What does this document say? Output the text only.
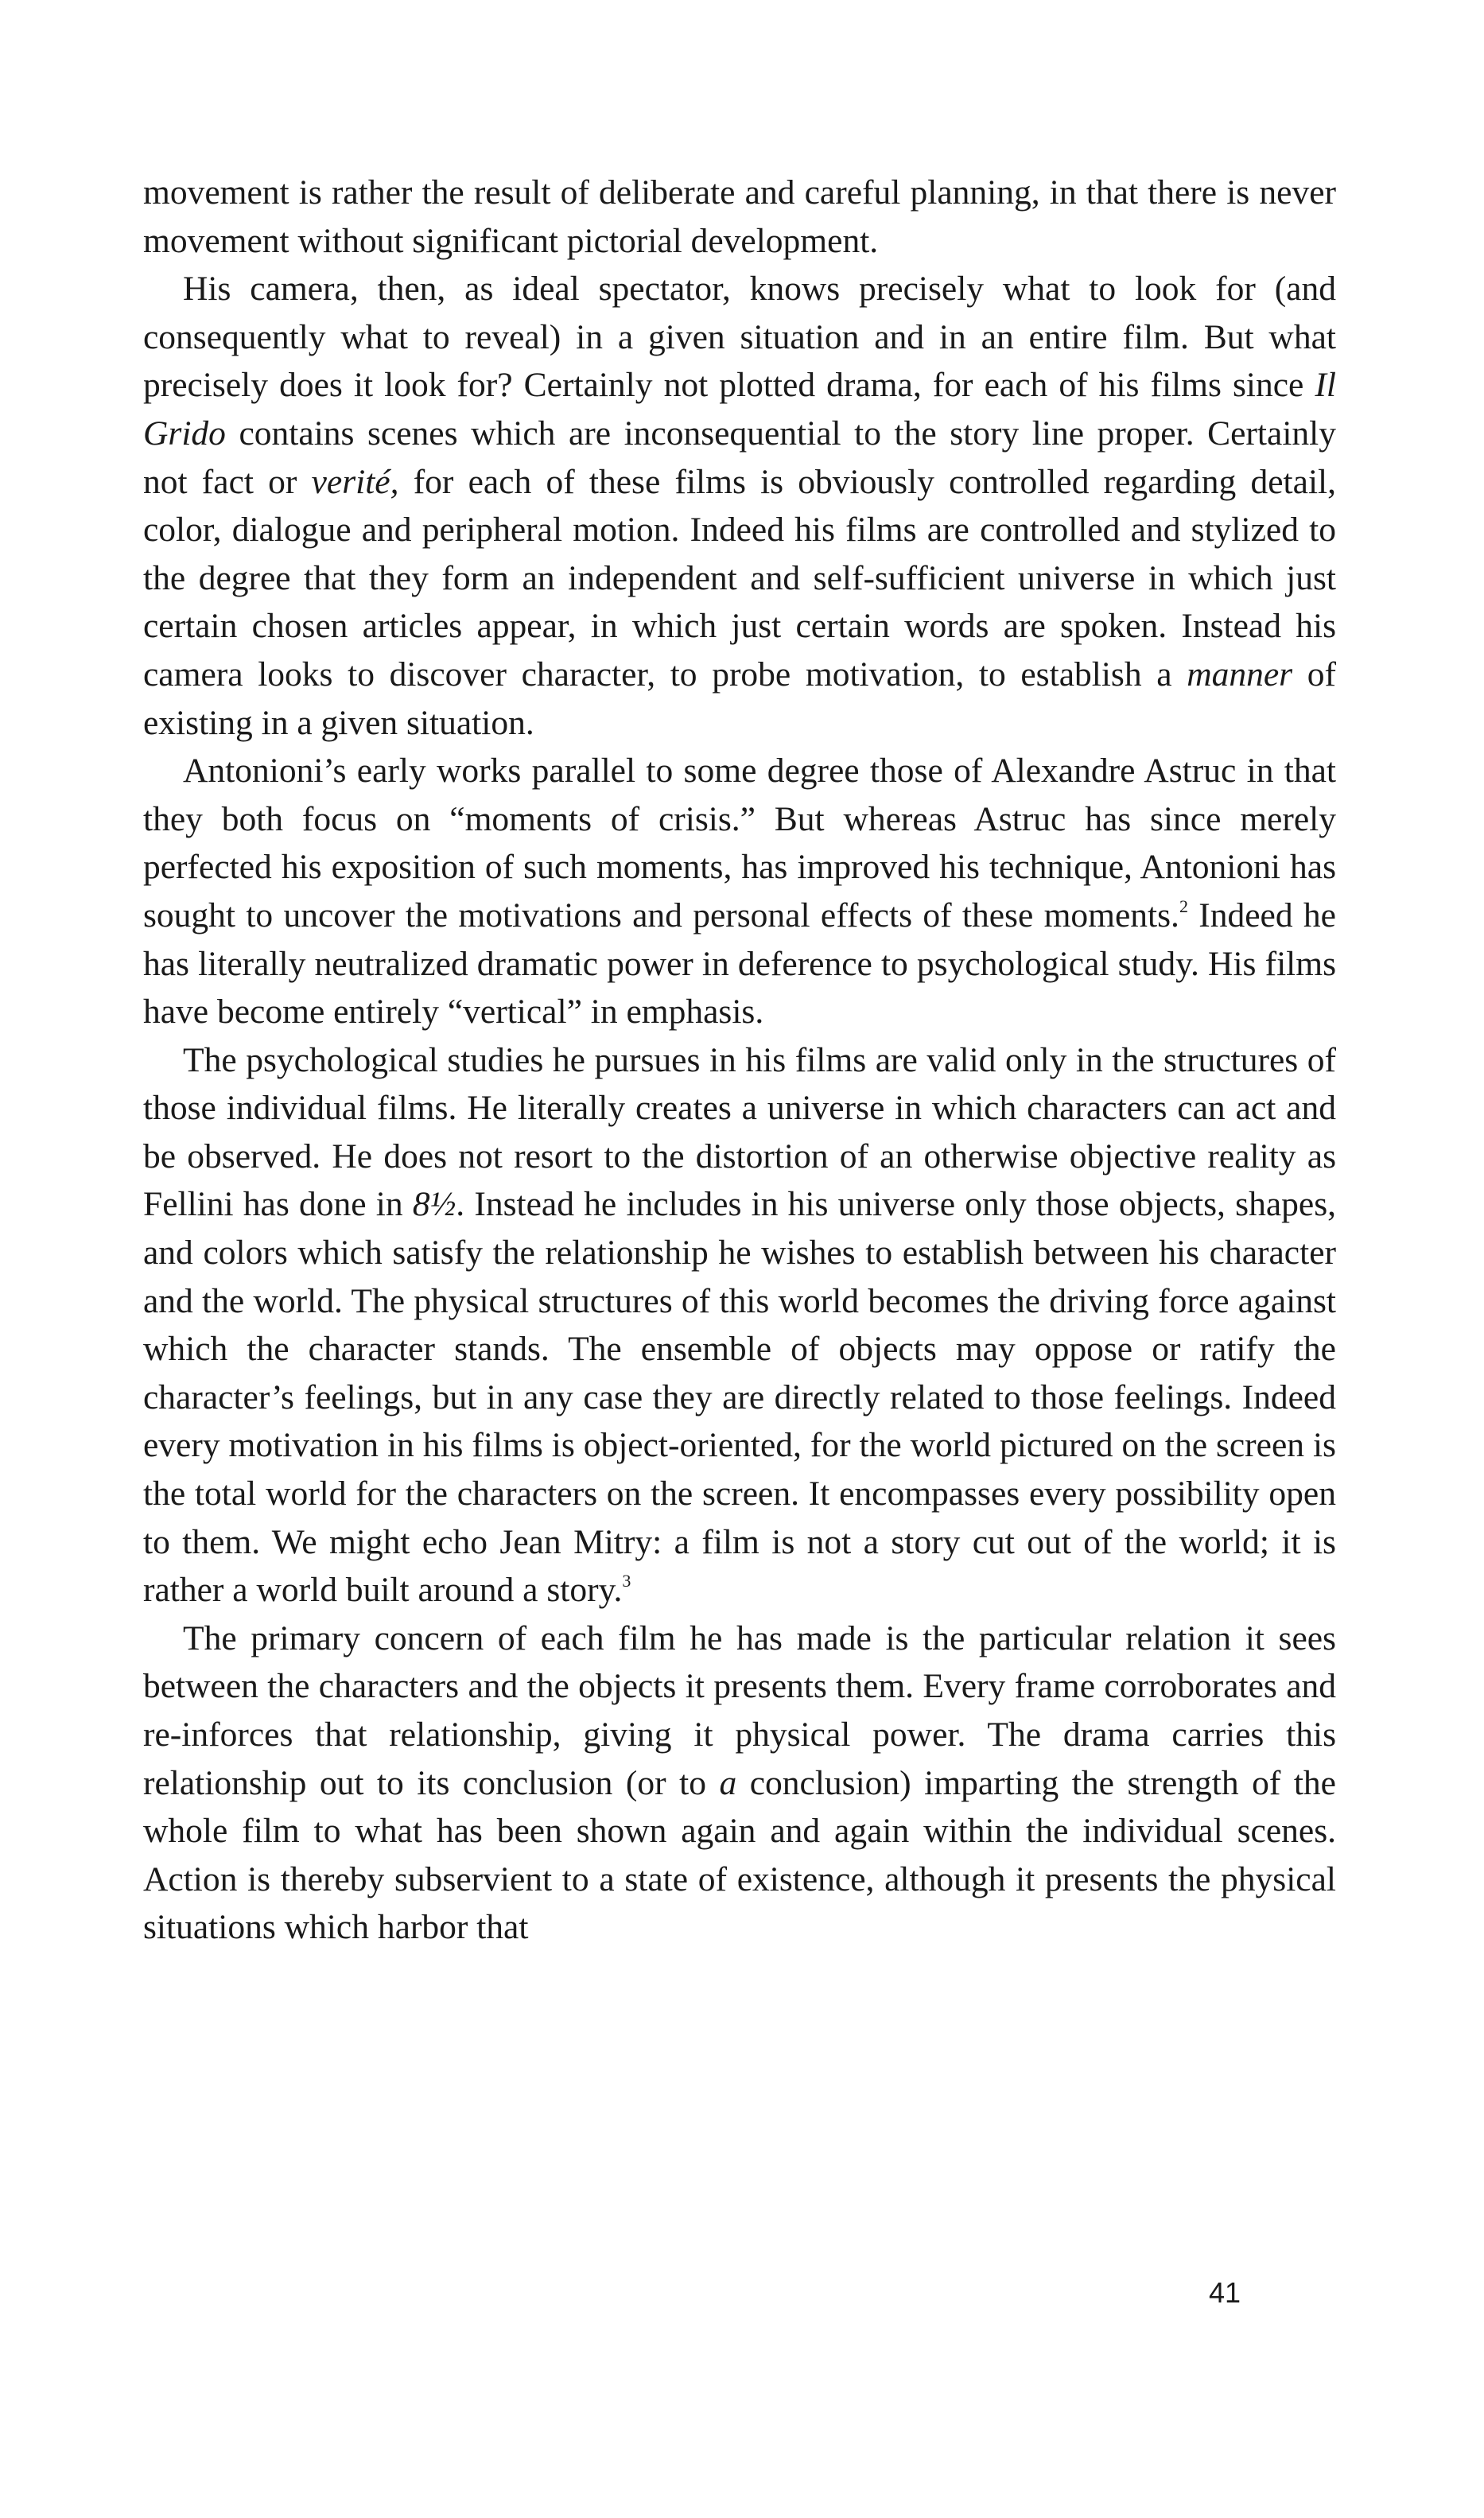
movement is rather the result of deliberate and careful planning, in that there is never movement without significant pictorial development.

His camera, then, as ideal spectator, knows precisely what to look for (and consequently what to reveal) in a given situation and in an entire film. But what precisely does it look for? Certainly not plotted drama, for each of his films since Il Grido contains scenes which are inconsequential to the story line proper. Certainly not fact or verité, for each of these films is obviously controlled regarding detail, color, dialogue and peripheral motion. Indeed his films are controlled and stylized to the degree that they form an independent and self-sufficient universe in which just certain chosen articles appear, in which just certain words are spoken. Instead his camera looks to discover character, to probe motivation, to establish a manner of existing in a given situation.

Antonioni’s early works parallel to some degree those of Alexandre Astruc in that they both focus on “moments of crisis.” But whereas Astruc has since merely perfected his exposition of such moments, has improved his technique, Antonioni has sought to uncover the motivations and personal effects of these moments.$^2$ Indeed he has literally neutralized dramatic power in deference to psychological study. His films have become entirely “vertical” in emphasis.

The psychological studies he pursues in his films are valid only in the structures of those individual films. He literally creates a universe in which characters can act and be observed. He does not resort to the distortion of an otherwise objective reality as Fellini has done in 8½. Instead he includes in his universe only those objects, shapes, and colors which satisfy the relationship he wishes to establish between his character and the world. The physical structures of this world becomes the driving force against which the character stands. The ensemble of objects may oppose or ratify the character’s feelings, but in any case they are directly related to those feelings. Indeed every motivation in his films is object-oriented, for the world pictured on the screen is the total world for the characters on the screen. It encompasses every possibility open to them. We might echo Jean Mitry: a film is not a story cut out of the world; it is rather a world built around a story.$^3$

The primary concern of each film he has made is the particular relation it sees between the characters and the objects it presents them. Every frame corroborates and re-inforces that relationship, giving it physical power. The drama carries this relationship out to its conclusion (or to a conclusion) imparting the strength of the whole film to what has been shown again and again within the individual scenes. Action is thereby subservient to a state of existence, although it presents the physical situations which harbor that

41
